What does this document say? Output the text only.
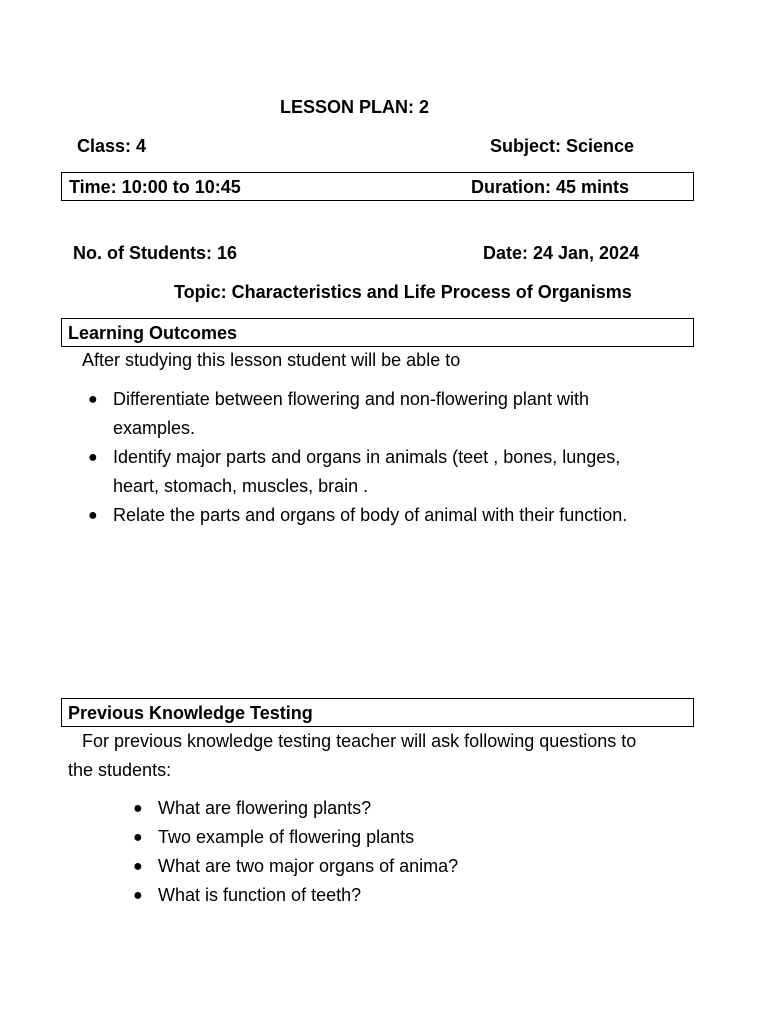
LESSON PLAN: 2
Class: 4	Subject: Science
Time: 10:00 to 10:45	Duration: 45 mints
No. of Students: 16	Date: 24 Jan, 2024
Topic: Characteristics and Life Process of Organisms
Learning Outcomes
After studying this lesson student will be able to
● Differentiate between flowering and non-flowering plant with
examples.
● Identify major parts and organs in animals (teet , bones, lunges,
heart, stomach, muscles, brain .
● Relate the parts and organs of body of animal with their function.
Previous Knowledge Testing
For previous knowledge testing teacher will ask following questions to
the students:
● What are flowering plants?
● Two example of flowering plants
● What are two major organs of anima?
● What is function of teeth?
